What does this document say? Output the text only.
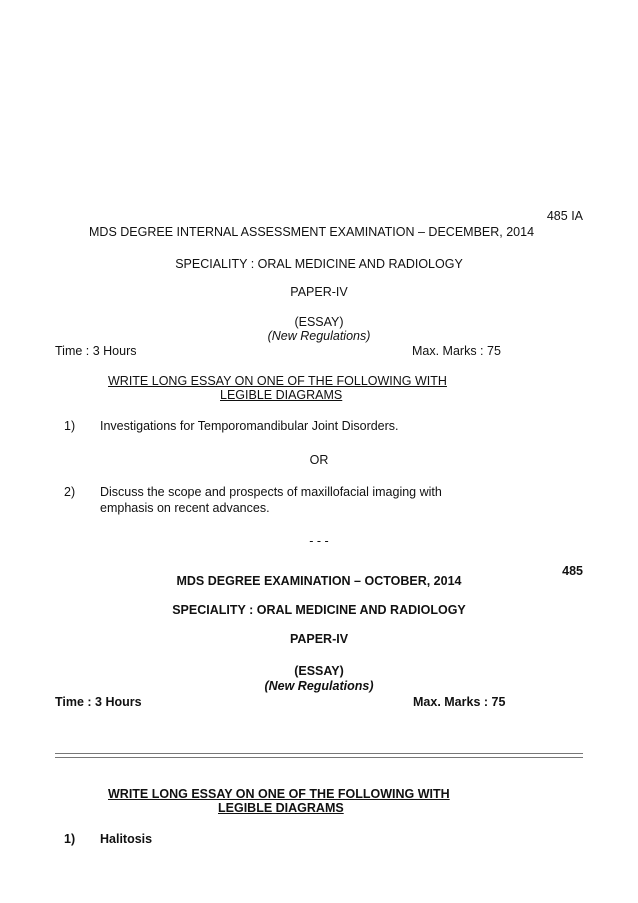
485 IA
MDS DEGREE INTERNAL ASSESSMENT EXAMINATION – DECEMBER, 2014
SPECIALITY : ORAL MEDICINE AND RADIOLOGY
PAPER-IV
(ESSAY)
(New Regulations)
Time : 3 Hours	Max. Marks : 75
WRITE LONG ESSAY ON ONE OF THE FOLLOWING WITH
LEGIBLE DIAGRAMS
1) Investigations for Temporomandibular Joint Disorders.
OR
2) Discuss the scope and prospects of maxillofacial imaging with
emphasis on recent advances.
- - -
485
MDS DEGREE EXAMINATION – OCTOBER, 2014
SPECIALITY : ORAL MEDICINE AND RADIOLOGY
PAPER-IV
(ESSAY)
(New Regulations)
Time : 3 Hours	Max. Marks : 75
WRITE LONG ESSAY ON ONE OF THE FOLLOWING WITH
LEGIBLE DIAGRAMS
1) Halitosis
